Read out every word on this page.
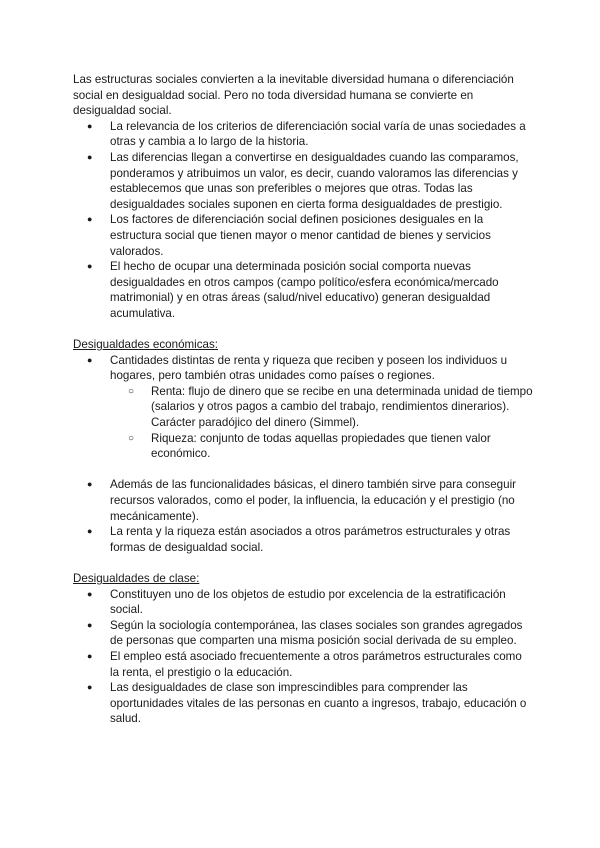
Las estructuras sociales convierten a la inevitable diversidad humana o diferenciación social en desigualdad social. Pero no toda diversidad humana se convierte en desigualdad social.

● La relevancia de los criterios de diferenciación social varía de unas sociedades a otras y cambia a lo largo de la historia.
● Las diferencias llegan a convertirse en desigualdades cuando las comparamos, ponderamos y atribuimos un valor, es decir, cuando valoramos las diferencias y establecemos que unas son preferibles o mejores que otras. Todas las desigualdades sociales suponen en cierta forma desigualdades de prestigio.
● Los factores de diferenciación social definen posiciones desiguales en la estructura social que tienen mayor o menor cantidad de bienes y servicios valorados.
● El hecho de ocupar una determinada posición social comporta nuevas desigualdades en otros campos (campo político/esfera económica/mercado matrimonial) y en otras áreas (salud/nivel educativo) generan desigualdad acumulativa.

Desigualdades económicas:

● Cantidades distintas de renta y riqueza que reciben y poseen los individuos u hogares, pero también otras unidades como países o regiones.
○ Renta: flujo de dinero que se recibe en una determinada unidad de tiempo (salarios y otros pagos a cambio del trabajo, rendimientos dinerarios). Carácter paradójico del dinero (Simmel).
○ Riqueza: conjunto de todas aquellas propiedades que tienen valor económico.
● Además de las funcionalidades básicas, el dinero también sirve para conseguir recursos valorados, como el poder, la influencia, la educación y el prestigio (no mecánicamente).
● La renta y la riqueza están asociados a otros parámetros estructurales y otras formas de desigualdad social.

Desigualdades de clase:

● Constituyen uno de los objetos de estudio por excelencia de la estratificación social.
● Según la sociología contemporánea, las clases sociales son grandes agregados de personas que comparten una misma posición social derivada de su empleo.
● El empleo está asociado frecuentemente a otros parámetros estructurales como la renta, el prestigio o la educación.
● Las desigualdades de clase son imprescindibles para comprender las oportunidades vitales de las personas en cuanto a ingresos, trabajo, educación o salud.
